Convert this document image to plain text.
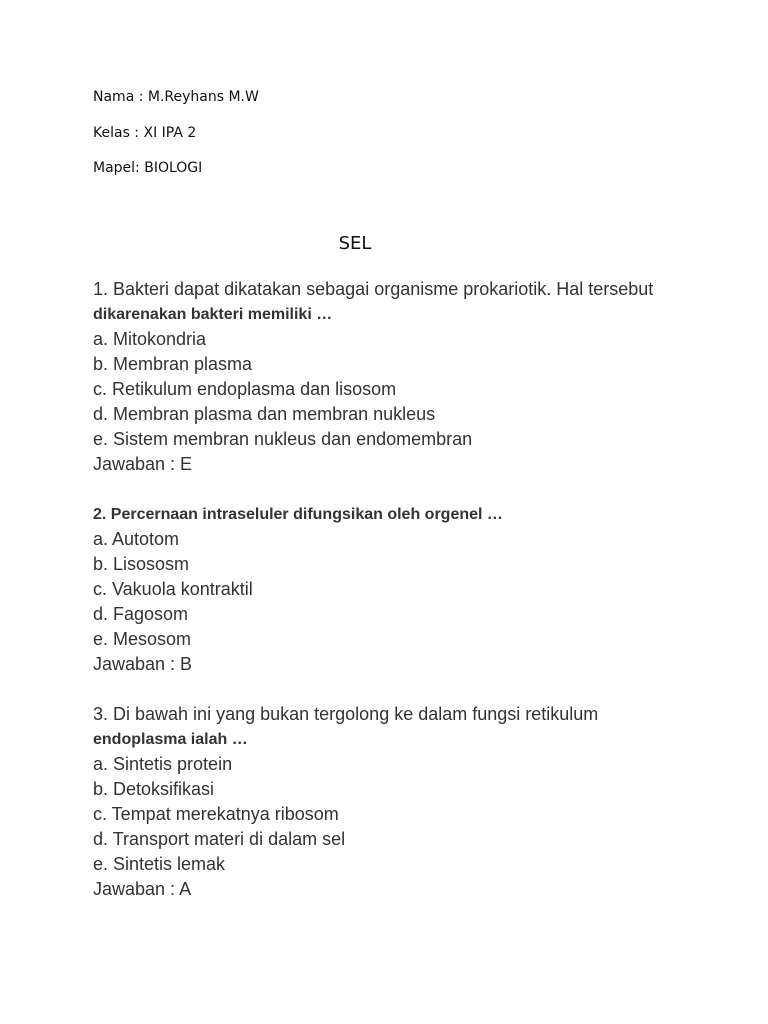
Nama : M.Reyhans M.W
Kelas : XI IPA 2
Mapel: BIOLOGI
SEL
1. Bakteri dapat dikatakan sebagai organisme prokariotik. Hal tersebut
dikarenakan bakteri memiliki …
a. Mitokondria
b. Membran plasma
c. Retikulum endoplasma dan lisosom
d. Membran plasma dan membran nukleus
e. Sistem membran nukleus dan endomembran
Jawaban : E
2. Percernaan intraseluler difungsikan oleh orgenel …
a. Autotom
b. Lisososm
c. Vakuola kontraktil
d. Fagosom
e. Mesosom
Jawaban : B
3. Di bawah ini yang bukan tergolong ke dalam fungsi retikulum
endoplasma ialah …
a. Sintetis protein
b. Detoksifikasi
c. Tempat merekatnya ribosom
d. Transport materi di dalam sel
e. Sintetis lemak
Jawaban : A
